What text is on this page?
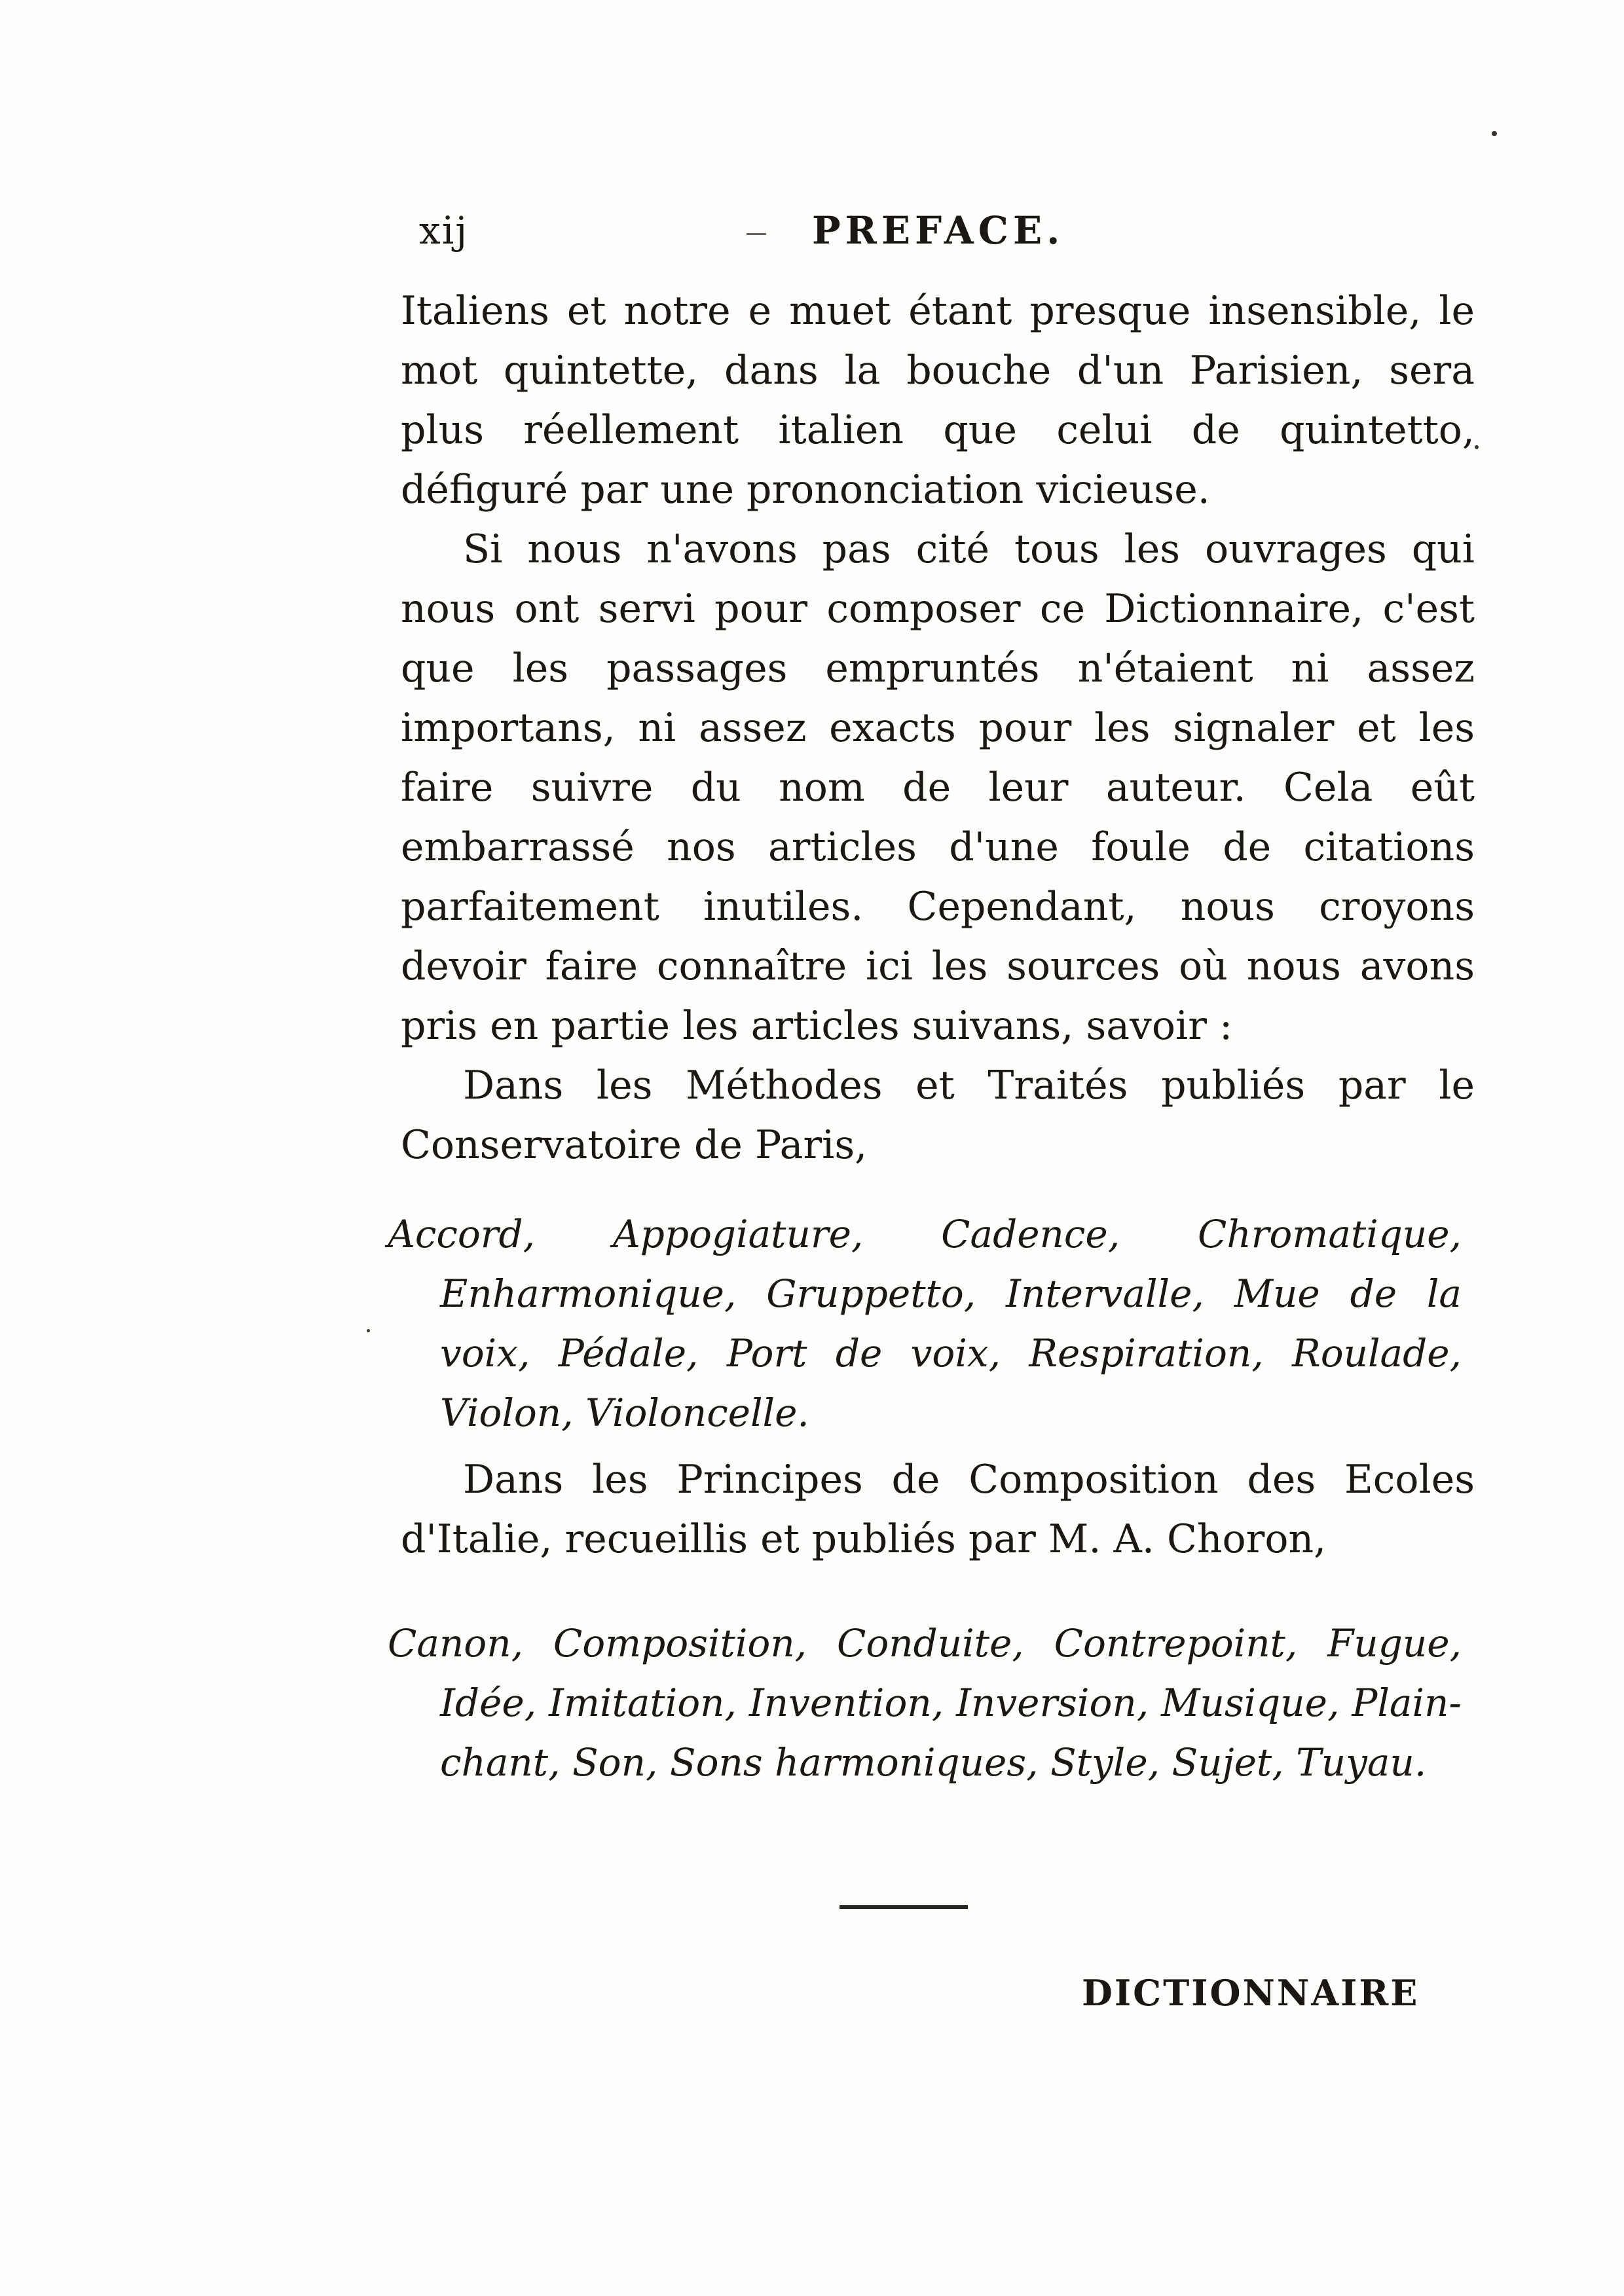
xij	PREFACE.

Italiens et notre e muet étant presque insensible, le mot quintette, dans la bouche d'un Parisien, sera plus réellement italien que celui de quintetto, défiguré par une prononciation vicieuse.

Si nous n'avons pas cité tous les ouvrages qui nous ont servi pour composer ce Dictionnaire, c'est que les passages empruntés n'étaient ni assez importans, ni assez exacts pour les signaler et les faire suivre du nom de leur auteur. Cela eût embarrassé nos articles d'une foule de citations parfaitement inutiles. Cependant, nous croyons devoir faire connaître ici les sources où nous avons pris en partie les articles suivans, savoir :

Dans les Méthodes et Traités publiés par le Conservatoire de Paris,

Accord, Appogiature, Cadence, Chromatique, Enharmonique, Gruppetto, Intervalle, Mue de la voix, Pédale, Port de voix, Respiration, Roulade, Violon, Violoncelle.

Dans les Principes de Composition des Ecoles d'Italie, recueillis et publiés par M. A. Choron,

Canon, Composition, Conduite, Contrepoint, Fugue, Idée, Imitation, Invention, Inversion, Musique, Plain-chant, Son, Sons harmoniques, Style, Sujet, Tuyau.

DICTIONNAIRE
